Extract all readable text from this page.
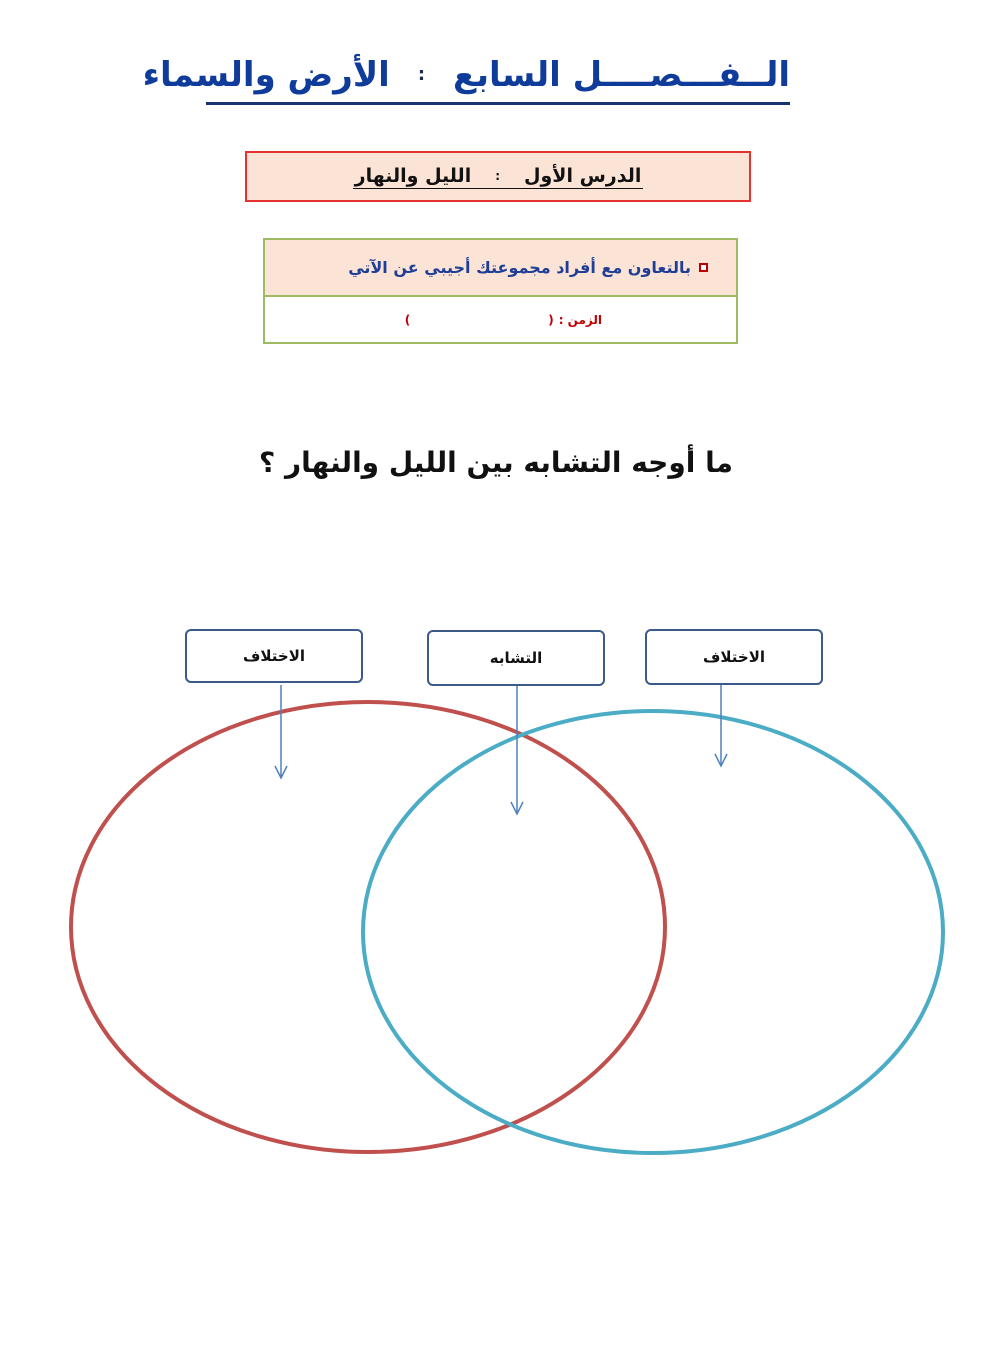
الــفـــصــــل السابع
:
الأرض والسماء
الدرس الأول
:
الليل والنهار
بالتعاون مع أفراد مجموعتك أجيبي عن الآتي
الزمن :
(
)
ما أوجه التشابه بين الليل والنهار ؟
الاختلاف	التشابه	الاختلاف
